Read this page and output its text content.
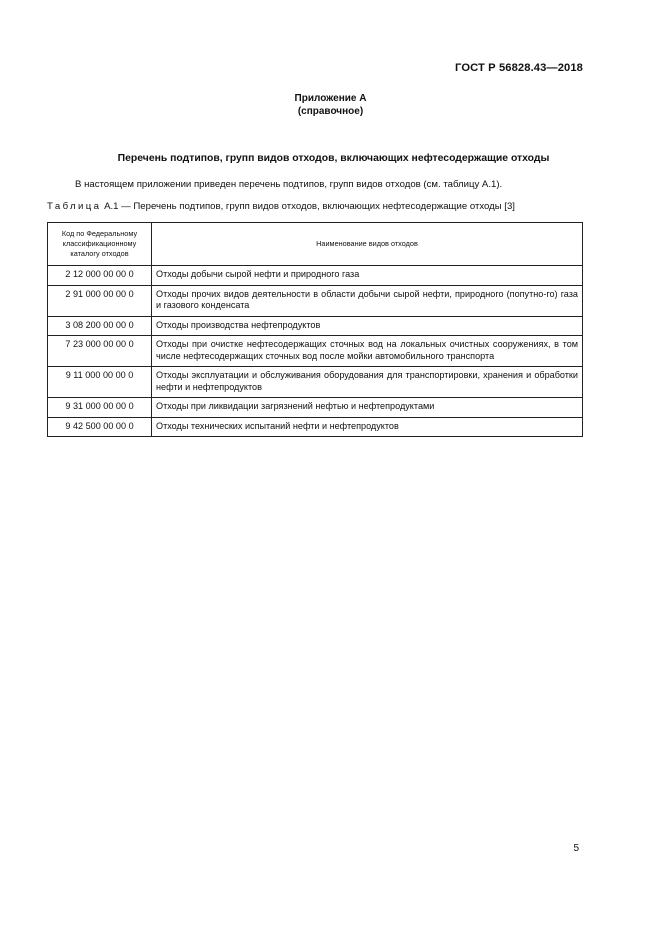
ГОСТ Р 56828.43—2018
Приложение А
(справочное)
Перечень подтипов, групп видов отходов, включающих нефтесодержащие отходы
В настоящем приложении приведен перечень подтипов, групп видов отходов (см. таблицу А.1).
Таблица А.1 — Перечень подтипов, групп видов отходов, включающих нефтесодержащие отходы [3]
Код по Федеральному классификационному каталогу отходов	Наименование видов отходов
2 12 000 00 00 0	Отходы добычи сырой нефти и природного газа
2 91 000 00 00 0	Отходы прочих видов деятельности в области добычи сырой нефти, природного (попутно-го) газа и газового конденсата
3 08 200 00 00 0	Отходы производства нефтепродуктов
7 23 000 00 00 0	Отходы при очистке нефтесодержащих сточных вод на локальных очистных сооружениях, в том числе нефтесодержащих сточных вод после мойки автомобильного транспорта
9 11 000 00 00 0	Отходы эксплуатации и обслуживания оборудования для транспортировки, хранения и обработки нефти и нефтепродуктов
9 31 000 00 00 0	Отходы при ликвидации загрязнений нефтью и нефтепродуктами
9 42 500 00 00 0	Отходы технических испытаний нефти и нефтепродуктов
5
